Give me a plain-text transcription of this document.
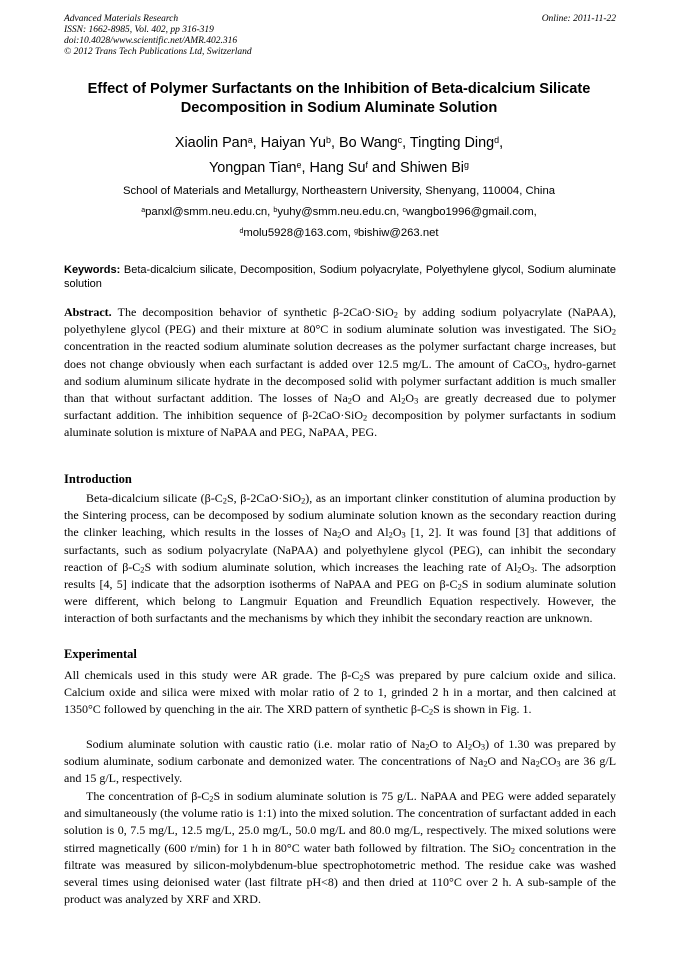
Advanced Materials Research
ISSN: 1662-8985, Vol. 402, pp 316-319
doi:10.4028/www.scientific.net/AMR.402.316
© 2012 Trans Tech Publications Ltd, Switzerland
Online: 2011-11-22
Effect of Polymer Surfactants on the Inhibition of Beta-dicalcium Silicate
Decomposition in Sodium Aluminate Solution
Xiaolin Pan$^a$, Haiyan Yu$^b$, Bo Wang$^c$, Tingting Ding$^d$,
Yongpan Tian$^e$, Hang Su$^f$ and Shiwen Bi$^g$
School of Materials and Metallurgy, Northeastern University, Shenyang, 110004, China
$^a$panxl@smm.neu.edu.cn, $^b$yuhy@smm.neu.edu.cn, $^c$wangbo1996@gmail.com,
$^d$molu5928@163.com, $^g$bishiw@263.net
Keywords: Beta-dicalcium silicate, Decomposition, Sodium polyacrylate, Polyethylene glycol, Sodium aluminate solution
Abstract. The decomposition behavior of synthetic β-2CaO·SiO$_2$ by adding sodium polyacrylate (NaPAA), polyethylene glycol (PEG) and their mixture at 80°C in sodium aluminate solution was investigated. The SiO$_2$ concentration in the reacted sodium aluminate solution decreases as the polymer surfactant charge increases, but does not change obviously when each surfactant is added over 12.5 mg/L. The amount of CaCO$_3$, hydro-garnet and sodium aluminum silicate hydrate in the decomposed solid with polymer surfactant addition is much smaller than that without surfactant addition. The losses of $Na_2O$ and $Al_2O_3$ are greatly decreased due to polymer surfactant addition. The inhibition sequence of β-2CaO·SiO$_2$ decomposition by polymer surfactants in sodium aluminate solution is mixture of NaPAA and PEG, NaPAA, PEG.
Introduction
Beta-dicalcium silicate ($\beta-C_2S$, β-2CaO·SiO$_2$), as an important clinker constitution of alumina production by the Sintering process, can be decomposed by sodium aluminate solution known as the secondary reaction during the clinker leaching, which results in the losses of $Na_2O$ and $Al_2O_3$ [1, 2]. It was found [3] that additions of surfactants, such as sodium polyacrylate (NaPAA) and polyethylene glycol (PEG), can inhibit the secondary reaction of $\beta-C_2S$ with sodium aluminate solution, which increases the leaching rate of $Al_2O_3$. The adsorption results [4, 5] indicate that the adsorption isotherms of NaPAA and PEG on $\beta-C_2S$ in sodium aluminate solution were different, which belong to Langmuir Equation and Freundlich Equation respectively. However, the interaction of both surfactants and the mechanisms by which they inhibit the secondary reaction are unknown.
Experimental
All chemicals used in this study were AR grade. The $\beta-C_2S$ was prepared by pure calcium oxide and silica. Calcium oxide and silica were mixed with molar ratio of 2 to 1, grinded 2 h in a mortar, and then calcined at 1350°C followed by quenching in the air. The XRD pattern of synthetic $\beta-C_2S$ is shown in Fig. 1.
Sodium aluminate solution with caustic ratio (i.e. molar ratio of $Na_2O$ to $Al_2O_3$) of 1.30 was prepared by sodium aluminate, sodium carbonate and demonized water. The concentrations of $Na_2O$ and $Na_2CO_3$ are 36 g/L and 15 g/L, respectively.
The concentration of $\beta-C_2S$ in sodium aluminate solution is 75 g/L. NaPAA and PEG were added separately and simultaneously (the volume ratio is 1:1) into the mixed solution. The concentration of surfactant added in each solution is 0, 7.5 mg/L, 12.5 mg/L, 25.0 mg/L, 50.0 mg/L and 80.0 mg/L, respectively. The mixed solutions were stirred magnetically (600 r/min) for 1 h in 80°C water bath followed by filtration. The SiO$_2$ concentration in the filtrate was measured by silicon-molybdenum-blue spectrophotometric method. The residue cake was washed several times using deionised water (last filtrate pH<8) and then dried at 110°C over 2 h. A sub-sample of the product was analyzed by XRF and XRD.
